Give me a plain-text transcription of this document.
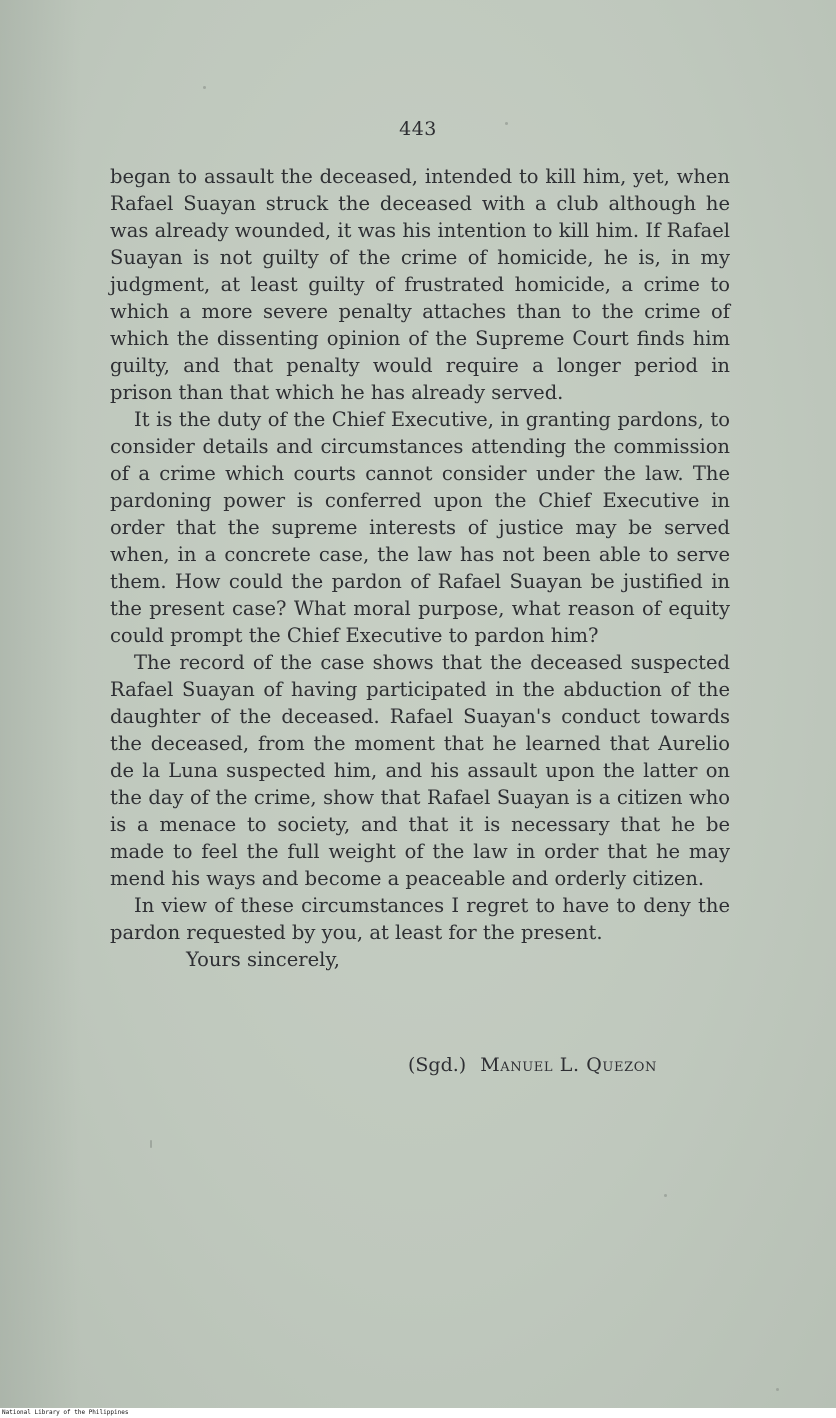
443

began to assault the deceased, intended to kill him, yet, when Rafael Suayan struck the deceased with a club although he was already wounded, it was his intention to kill him. If Rafael Suayan is not guilty of the crime of homicide, he is, in my judgment, at least guilty of frustrated homicide, a crime to which a more severe penalty attaches than to the crime of which the dissenting opinion of the Supreme Court finds him guilty, and that penalty would require a longer period in prison than that which he has already served.

It is the duty of the Chief Executive, in granting pardons, to consider details and circumstances attending the commission of a crime which courts cannot consider under the law. The pardoning power is conferred upon the Chief Executive in order that the supreme interests of justice may be served when, in a concrete case, the law has not been able to serve them. How could the pardon of Rafael Suayan be justified in the present case? What moral purpose, what reason of equity could prompt the Chief Executive to pardon him?

The record of the case shows that the deceased suspected Rafael Suayan of having participated in the abduction of the daughter of the deceased. Rafael Suayan's conduct towards the deceased, from the moment that he learned that Aurelio de la Luna suspected him, and his assault upon the latter on the day of the crime, show that Rafael Suayan is a citizen who is a menace to society, and that it is necessary that he be made to feel the full weight of the law in order that he may mend his ways and become a peaceable and orderly citizen.

In view of these circumstances I regret to have to deny the pardon requested by you, at least for the present.

Yours sincerely,

(Sgd.) Manuel L. Quezon
National Library of the Philippines
